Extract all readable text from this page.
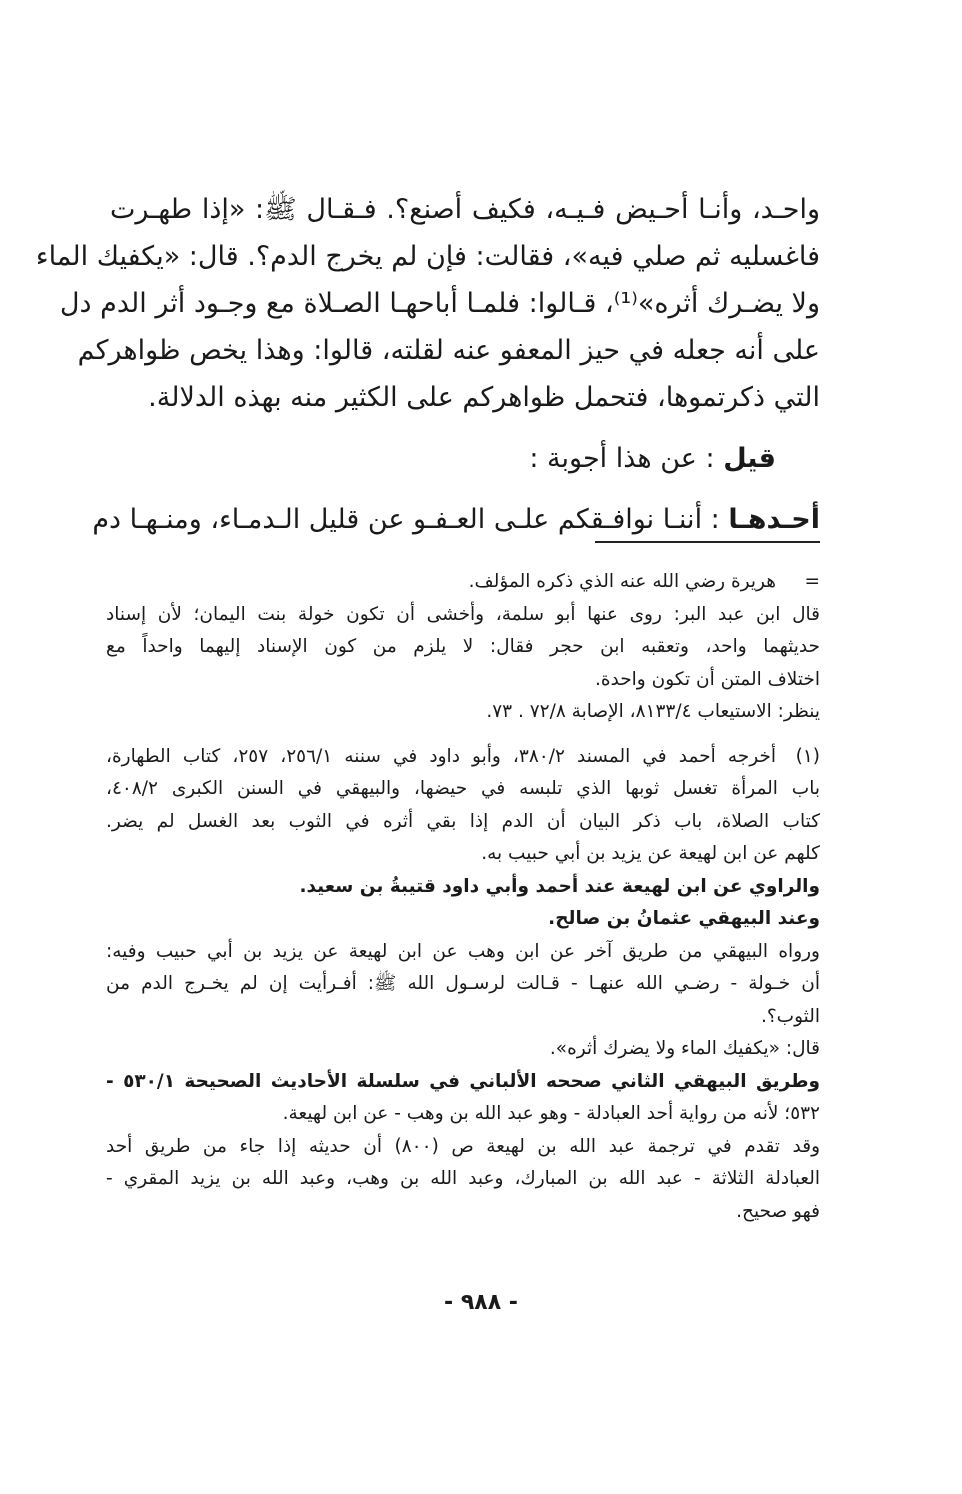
واحـد، وأنـا أحـيض فـيـه، فكيف أصنع؟. فـقـال ﷺ: «إذا طهـرت
فاغسليه ثم صلي فيه»، فقالت: فإن لم يخرج الدم؟. قال: «يكفيك الماء
ولا يضـرك أثره»⁽¹⁾، قـالوا: فلمـا أباحهـا الصـلاة مع وجـود أثر الدم دل
على أنه جعله في حيز المعفو عنه لقلته، قالوا: وهذا يخص ظواهركم
التي ذكرتموها، فتحمل ظواهركم على الكثير منه بهذه الدلالة.
قيل : عن هذا أجوبة :
أحـدهـا : أننـا نوافـقكم علـى العـفـو عن قليل الـدمـاء، ومنـهـا دم
=
هريرة رضي الله عنه الذي ذكره المؤلف.
قال ابن عبد البر: روى عنها أبو سلمة، وأخشى أن تكون خولة بنت اليمان؛ لأن إسناد
حديثهما واحد، وتعقبه ابن حجر فقال: لا يلزم من كون الإسناد إليهما واحداً مع
اختلاف المتن أن تكون واحدة.
ينظر: الاستيعاب ٨١٣٣/٤، الإصابة ٧٢/٨ . ٧٣.
(١)
أخرجه أحمد في المسند ٣٨٠/٢، وأبو داود في سننه ٢٥٦/١، ٢٥٧، كتاب الطهارة،
باب المرأة تغسل ثوبها الذي تلبسه في حيضها، والبيهقي في السنن الكبرى ٤٠٨/٢،
كتاب الصلاة، باب ذكر البيان أن الدم إذا بقي أثره في الثوب بعد الغسل لم يضر.
كلهم عن ابن لهيعة عن يزيد بن أبي حبيب به.
والراوي عن ابن لهيعة عند أحمد وأبي داود قتيبةُ بن سعيد.
وعند البيهقي عثمانُ بن صالح.
ورواه البيهقي من طريق آخر عن ابن وهب عن ابن لهيعة عن يزيد بن أبي حبيب وفيه:
أن خـولة - رضـي الله عنهـا - قـالت لرسـول الله ﷺ: أفـرأيت إن لم يخـرج الدم من
الثوب؟.
قال: «يكفيك الماء ولا يضرك أثره».
وطريق البيهقي الثاني صححه الألباني في سلسلة الأحاديث الصحيحة ٥٣٠/١ -
٥٣٢؛ لأنه من رواية أحد العبادلة - وهو عبد الله بن وهب - عن ابن لهيعة.
وقد تقدم في ترجمة عبد الله بن لهيعة ص (٨٠٠) أن حديثه إذا جاء من طريق أحد
العبادلة الثلاثة - عبد الله بن المبارك، وعبد الله بن وهب، وعبد الله بن يزيد المقري -
فهو صحيح.
- ٩٨٨ -
